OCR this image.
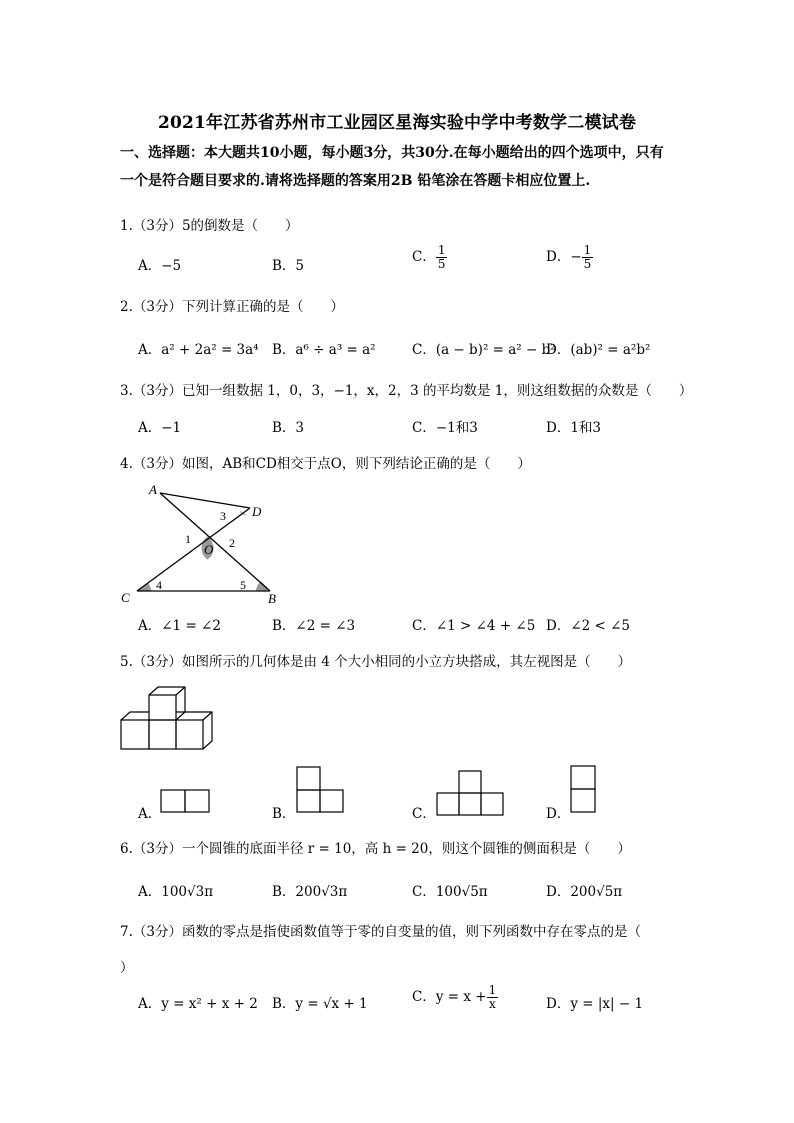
2021年江苏省苏州市工业园区星海实验中学中考数学二模试卷
一、选择题：本大题共10小题，每小题3分，共30分.在每小题给出的四个选项中，只有
一个是符合题目要求的.请将选择题的答案用2B 铅笔涂在答题卡相应位置上.
1.（3分）5的倒数是（　　）
A．−5	B．5
C． $\frac{1}{5}$	D．− $\frac{1}{5}$
2.（3分）下列计算正确的是（　　）
A．a² + 2a² = 3a⁴ B．a⁶ ÷ a³ = a²	C．(a − b)² = a² − b²
D．(ab)² = a²b²
3.（3分）已知一组数据 1，0，3，−1，x，2，3 的平均数是 1，则这组数据的众数是（　　）
A．−1	B．3	C．−1和3	D．1和3
4.（3分）如图，AB和CD相交于点O，则下列结论正确的是（　　）
A
B
C
D
O
1	2
3
4	5
A．∠1 = ∠2	B．∠2 = ∠3	C．∠1 > ∠4 + ∠5 D．∠2 < ∠5
5.（3分）如图所示的几何体是由 4 个大小相同的小立方块搭成，其左视图是（　　）
A．	B．	C．	D．
6.（3分）一个圆锥的底面半径 r = 10，高 h = 20，则这个圆锥的侧面积是（　　）
A．100√3π	B．200√3π	C．100√5π	D．200√5π
7.（3分）函数的零点是指使函数值等于零的自变量的值，则下列函数中存在零点的是（
）
A．y = x² + x + 2 B．y = √x + 1	C．$y = x + \frac{1}{x}$	D．y = |x| − 1
